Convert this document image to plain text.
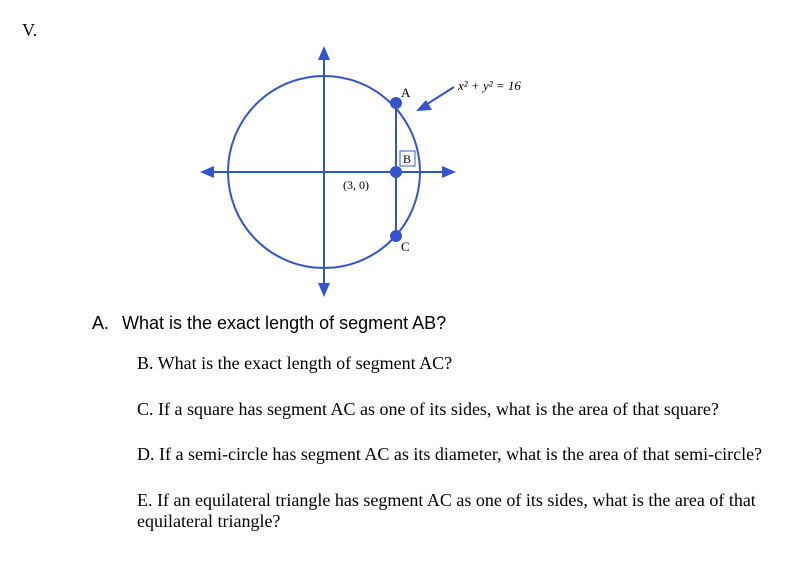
V.
A
B
C
(3, 0)
x² + y² = 16
A. What is the exact length of segment AB?
B. What is the exact length of segment AC?
C. If a square has segment AC as one of its sides, what is the area of that square?
D. If a semi-circle has segment AC as its diameter, what is the area of that semi-circle?
E. If an equilateral triangle has segment AC as one of its sides, what is the area of that equilateral triangle?
